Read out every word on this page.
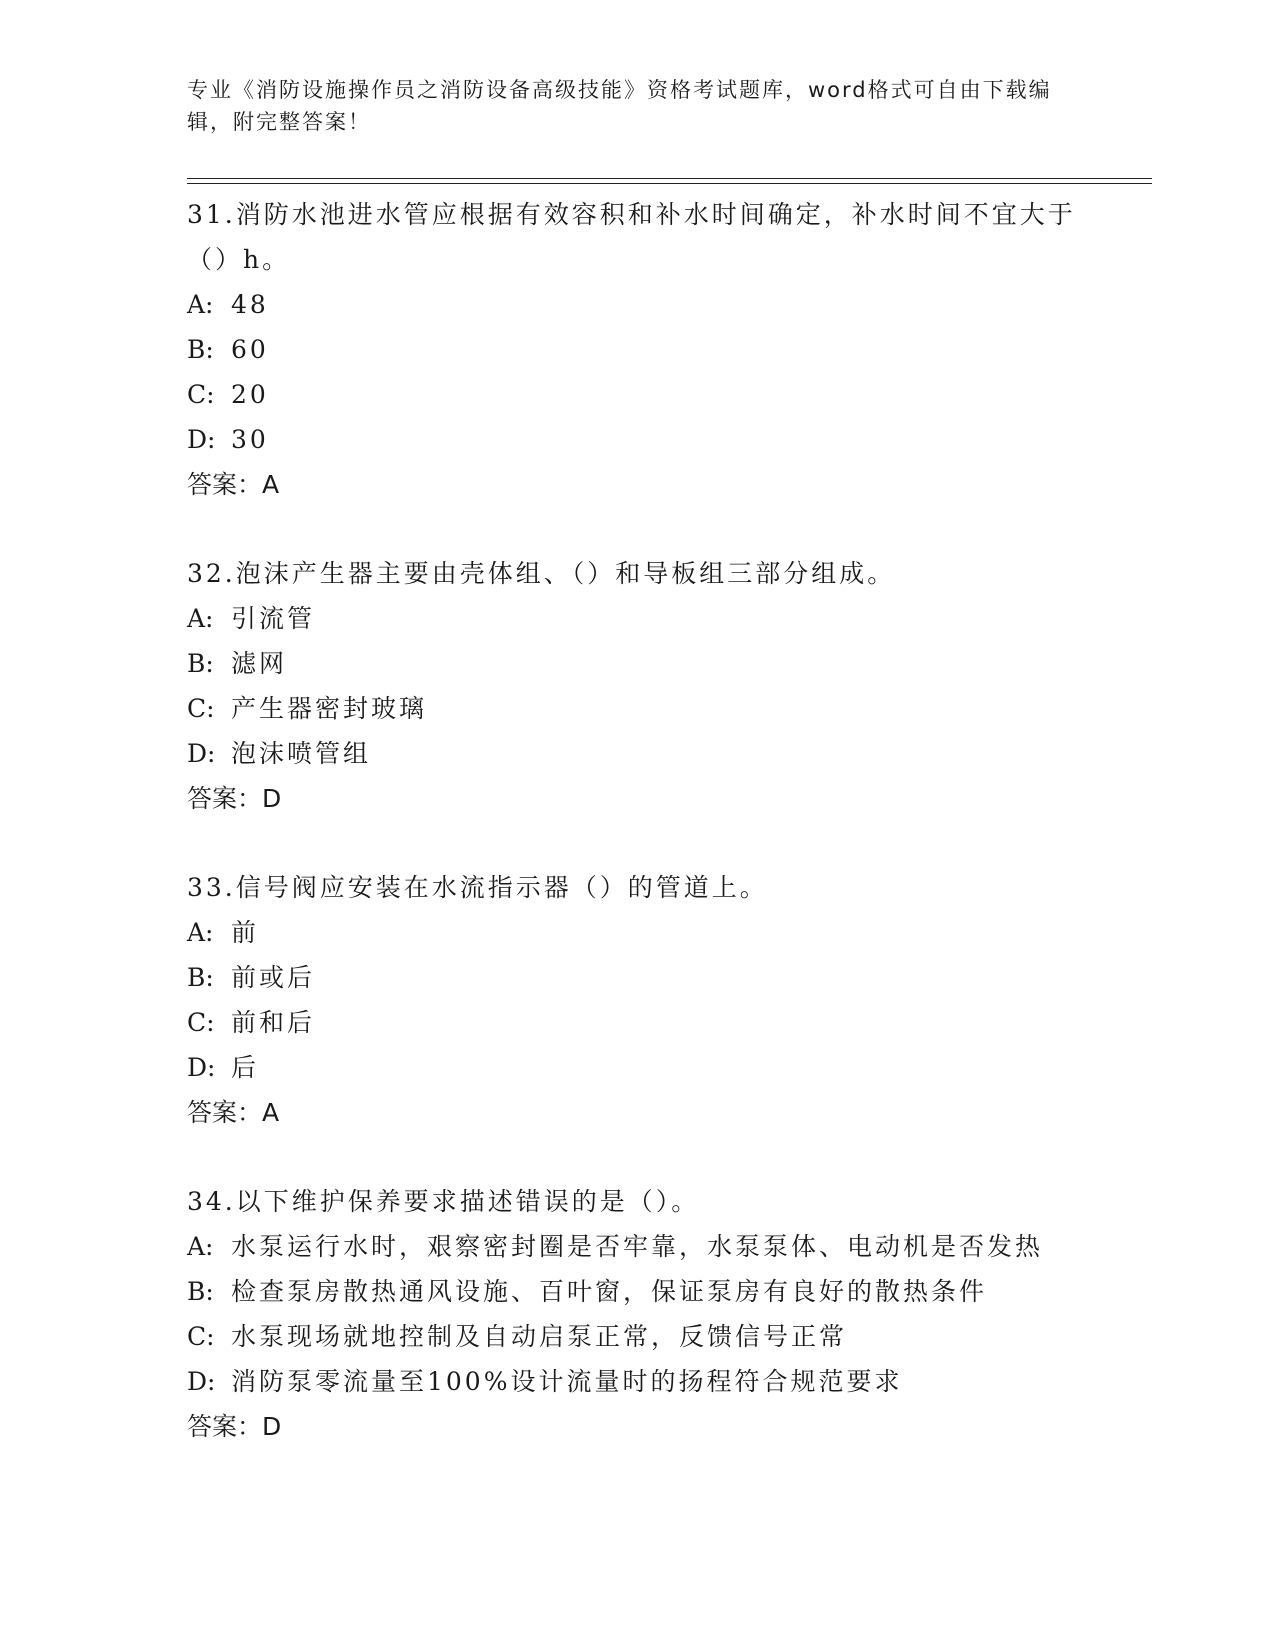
专业《消防设施操作员之消防设备高级技能》资格考试题库，word格式可自由下载编辑，附完整答案！
31.消防水池进水管应根据有效容积和补水时间确定，补水时间不宜大于（）h。
A: 48
B: 60
C: 20
D: 30
答案：A
32.泡沫产生器主要由壳体组、（）和导板组三部分组成。
A: 引流管
B: 滤网
C: 产生器密封玻璃
D: 泡沫喷管组
答案：D
33.信号阀应安装在水流指示器（）的管道上。
A: 前
B: 前或后
C: 前和后
D: 后
答案：A
34.以下维护保养要求描述错误的是（）。
A: 水泵运行水时，艰察密封圈是否牢靠，水泵泵体、电动机是否发热
B: 检查泵房散热通风设施、百叶窗，保证泵房有良好的散热条件
C: 水泵现场就地控制及自动启泵正常，反馈信号正常
D: 消防泵零流量至100%设计流量时的扬程符合规范要求
答案：D
